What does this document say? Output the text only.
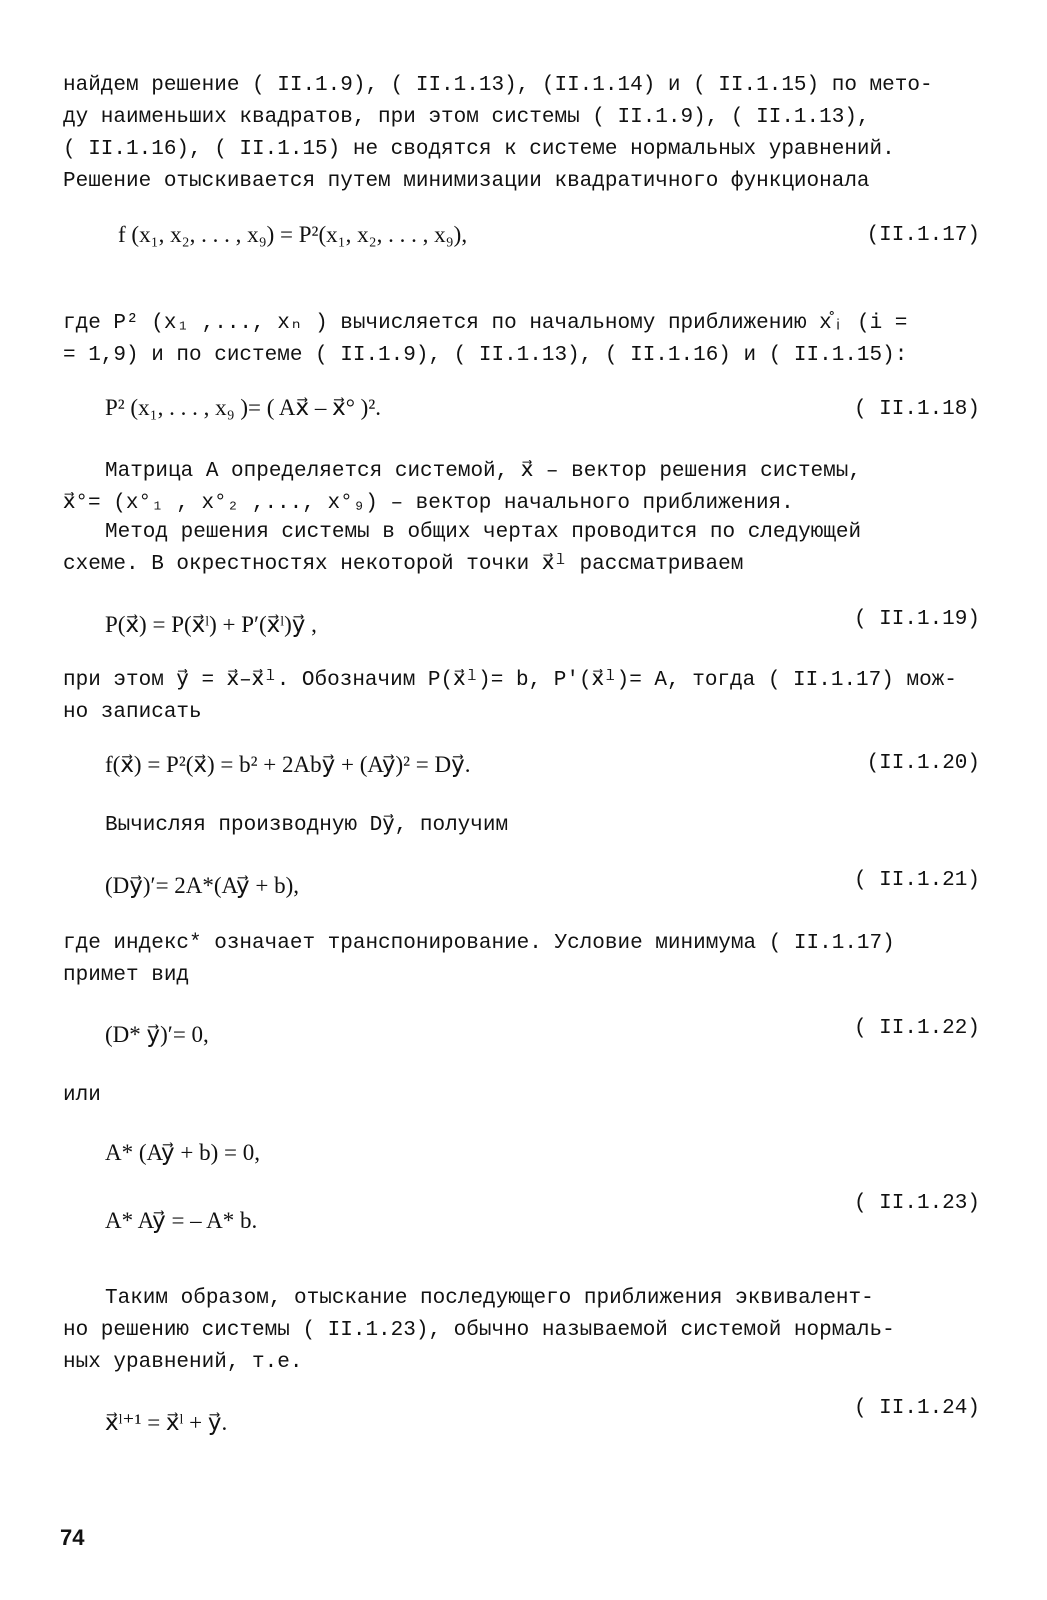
найдем решение ( II.1.9), ( II.1.13), (II.1.14) и ( II.1.15) по мето-
ду наименьших квадратов, при этом системы ( II.1.9), ( II.1.13),
( II.1.16), ( II.1.15) не сводятся к системе нормальных уравнений.
Решение отыскивается путем минимизации квадратичного функционала
f (x₁, x₂, . . . , x₉) = P²(x₁, x₂, . . . , x₉),	(II.1.17)
где P² (x₁ ,..., xₙ ) вычисляется по начальному приближению x̊ᵢ (i =
= 1,9) и по системе ( II.1.9), ( II.1.13), ( II.1.16) и ( II.1.15):
P² (x₁, . . . , x₉ )= ( Ax⃗ – x⃗° )².	( II.1.18)
Матрица A определяется системой, x⃗ – вектор решения системы,
x⃗°= (x°₁ , x°₂ ,..., x°₉) – вектор начального приближения.
Метод решения системы в общих чертах проводится по следующей
схеме. В окрестностях некоторой точки x⃗ˡ рассматриваем
P(x⃗) = P(x⃗ˡ) + P′(x⃗ˡ)y⃗ ,	( II.1.19)
при этом y⃗ = x⃗–x⃗ˡ. Обозначим P(x⃗ˡ)= b, P′(x⃗ˡ)= A, тогда ( II.1.17) мож-
но записать
f(x⃗) = P²(x⃗) = b² + 2Aby⃗ + (Ay⃗)² = Dy⃗.	(II.1.20)
Вычисляя производную Dy⃗, получим
(Dy⃗)′= 2A*(Ay⃗ + b),	( II.1.21)
где индекс* означает транспонирование. Условие минимума ( II.1.17)
примет вид
(D* y⃗)′= 0,	( II.1.22)
или
A* (Ay⃗ + b) = 0,
A* Ay⃗ = – A* b.
( II.1.23)
Таким образом, отыскание последующего приближения эквивалент-
но решению системы ( II.1.23), обычно называемой системой нормаль-
ных уравнений, т.е.
x⃗ˡ⁺¹ = x⃗ˡ + y⃗.
( II.1.24)
74
